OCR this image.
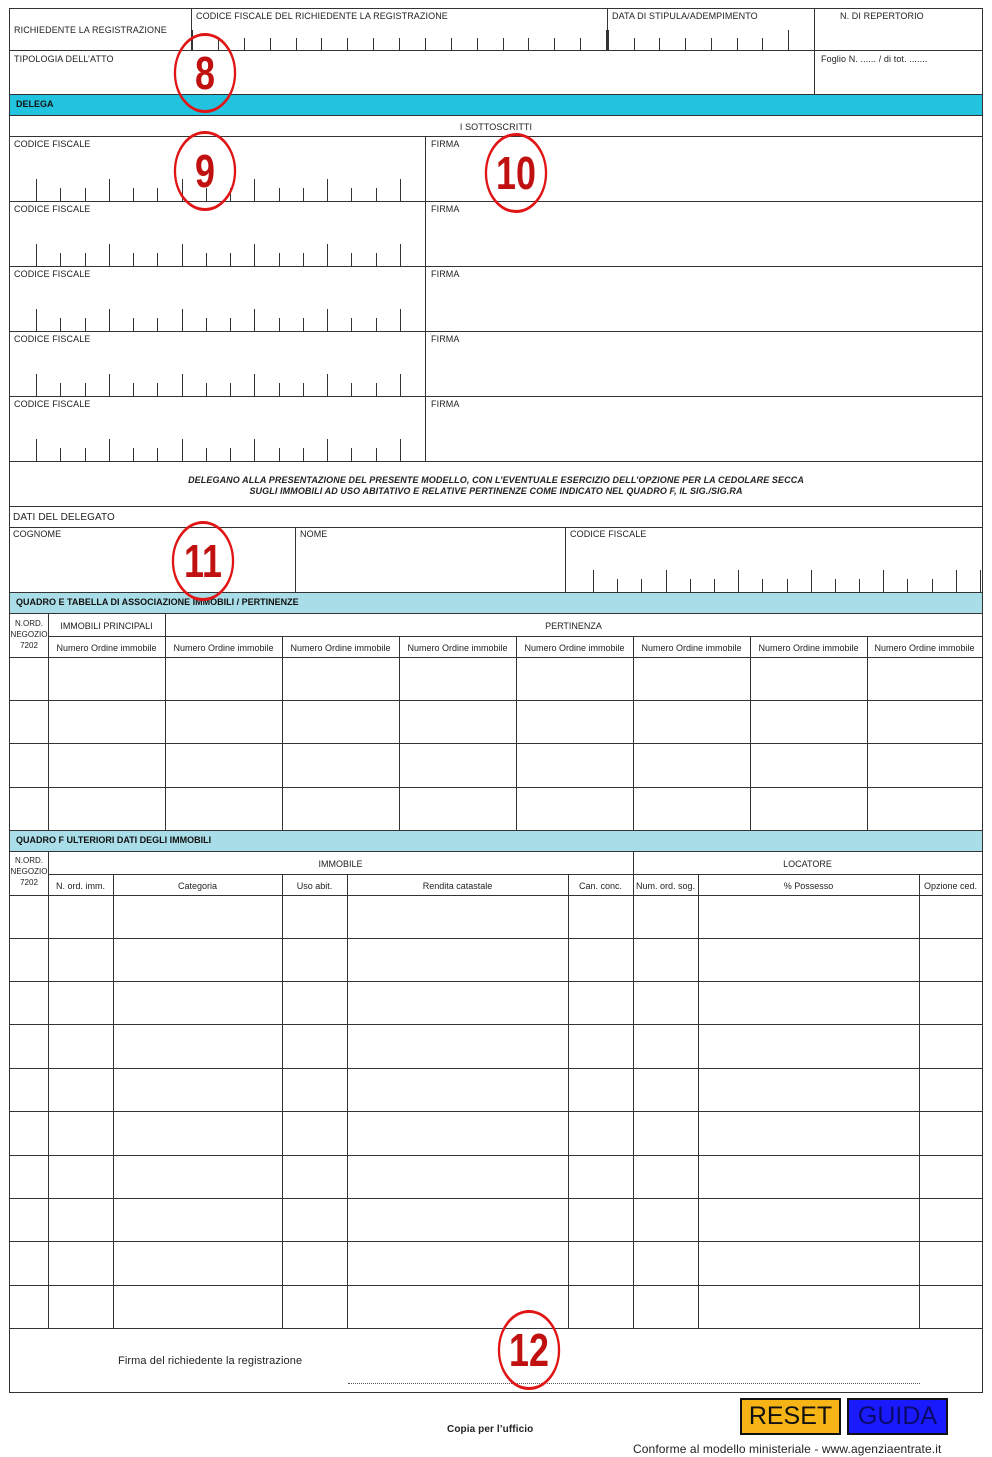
RICHIEDENTE LA REGISTRAZIONE
CODICE FISCALE DEL RICHIEDENTE LA REGISTRAZIONE	DATA DI STIPULA/ADEMPIMENTO	N. DI REPERTORIO
TIPOLOGIA DELL’ATTO	Foglio N. ...... / di tot. .......
DELEGA
I SOTTOSCRITTI
CODICE FISCALE	FIRMA
CODICE FISCALE	FIRMA
CODICE FISCALE	FIRMA
CODICE FISCALE	FIRMA
CODICE FISCALE	FIRMA
DELEGANO ALLA PRESENTAZIONE DEL PRESENTE MODELLO, CON L’EVENTUALE ESERCIZIO DELL’OPZIONE PER LA CEDOLARE SECCA
SUGLI IMMOBILI AD USO ABITATIVO E RELATIVE PERTINENZE COME INDICATO NEL QUADRO F, IL SIG./SIG.RA
DATI DEL DELEGATO
COGNOME	NOME	CODICE FISCALE
QUADRO E TABELLA DI ASSOCIAZIONE IMMOBILI / PERTINENZE
N.ORD.
NEGOZIO
7202
IMMOBILI PRINCIPALI	PERTINENZA
Numero Ordine immobile	Numero Ordine immobile	Numero Ordine immobile	Numero Ordine immobile	Numero Ordine immobile	Numero Ordine immobile	Numero Ordine immobile	Numero Ordine immobile
QUADRO F ULTERIORI DATI DEGLI IMMOBILI
N.ORD.
NEGOZIO
7202
IMMOBILE	LOCATORE
N. ord. imm.	Categoria	Uso abit.	Rendita catastale	Can. conc.	Num. ord. sog.	% Possesso	Opzione ced.
Firma del richiedente la registrazione
Copia per l’ufficio	RESET	GUIDA
Conforme al modello ministeriale - www.agenziaentrate.it
8
9	10
11
12
